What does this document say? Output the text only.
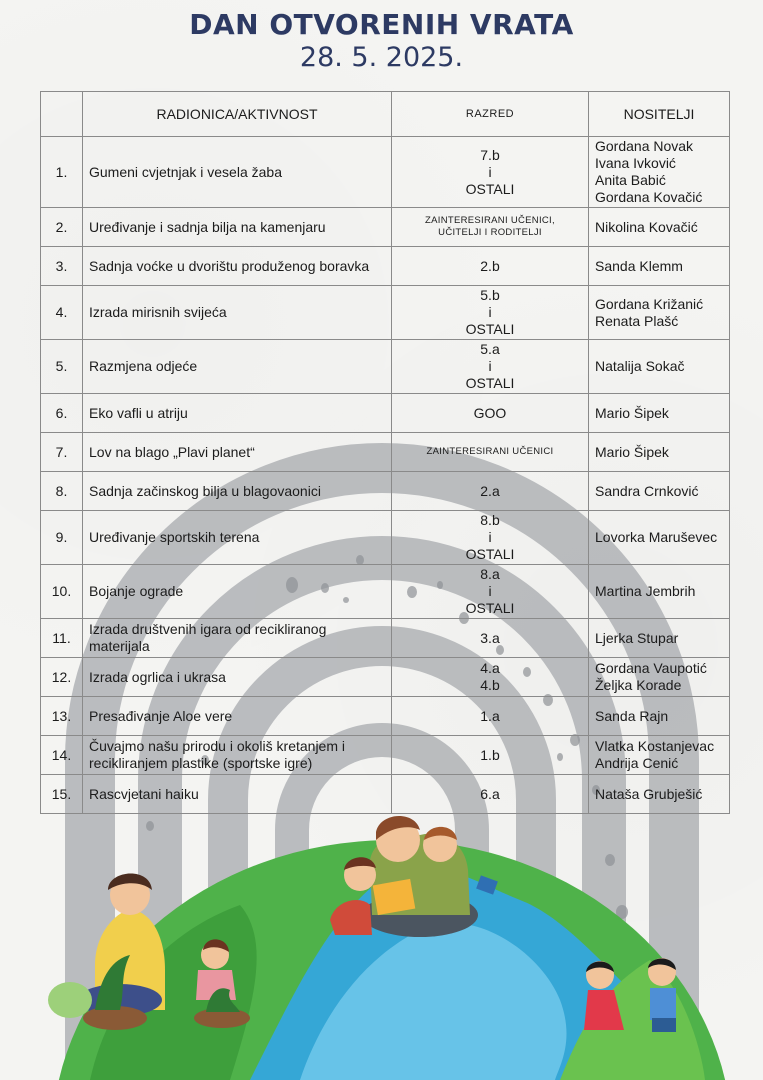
DAN OTVORENIH VRATA
28. 5. 2025.
	RADIONICA/AKTIVNOST	RAZRED	NOSITELJI
1.	Gumeni cvjetnjak i vesela žaba	7.b
i
OSTALI	Gordana Novak
Ivana Ivković
Anita Babić
Gordana Kovačić
2.	Uređivanje i sadnja bilja na kamenjaru	ZAINTERESIRANI UČENICI,
UČITELJI I RODITELJI	Nikolina Kovačić
3.	Sadnja voćke u dvorištu produženog boravka	2.b	Sanda Klemm
4.	Izrada mirisnih svijeća	5.b
i
OSTALI	Gordana Križanić
Renata Plašć
5.	Razmjena odjeće	5.a
i
OSTALI	Natalija Sokač
6.	Eko vafli u atriju	GOO	Mario Šipek
7.	Lov na blago „Plavi planet“	ZAINTERESIRANI UČENICI	Mario Šipek
8.	Sadnja začinskog bilja u blagovaonici	2.a	Sandra Crnković
9.	Uređivanje sportskih terena	8.b
i
OSTALI	Lovorka Maruševec
10.	Bojanje ograde	8.a
i
OSTALI	Martina Jembrih
11.	Izrada društvenih igara od recikliranog materijala	3.a	Ljerka Stupar
12.	Izrada ogrlica i ukrasa	4.a
4.b	Gordana Vaupotić
Željka Korade
13.	Presađivanje Aloe vere	1.a	Sanda Rajn
14.	Čuvajmo našu prirodu i okoliš kretanjem i recikliranjem plastike (sportske igre)	1.b	Vlatka Kostanjevac
Andrija Cenić
15.	Rascvjetani haiku	6.a	Nataša Grubješić
